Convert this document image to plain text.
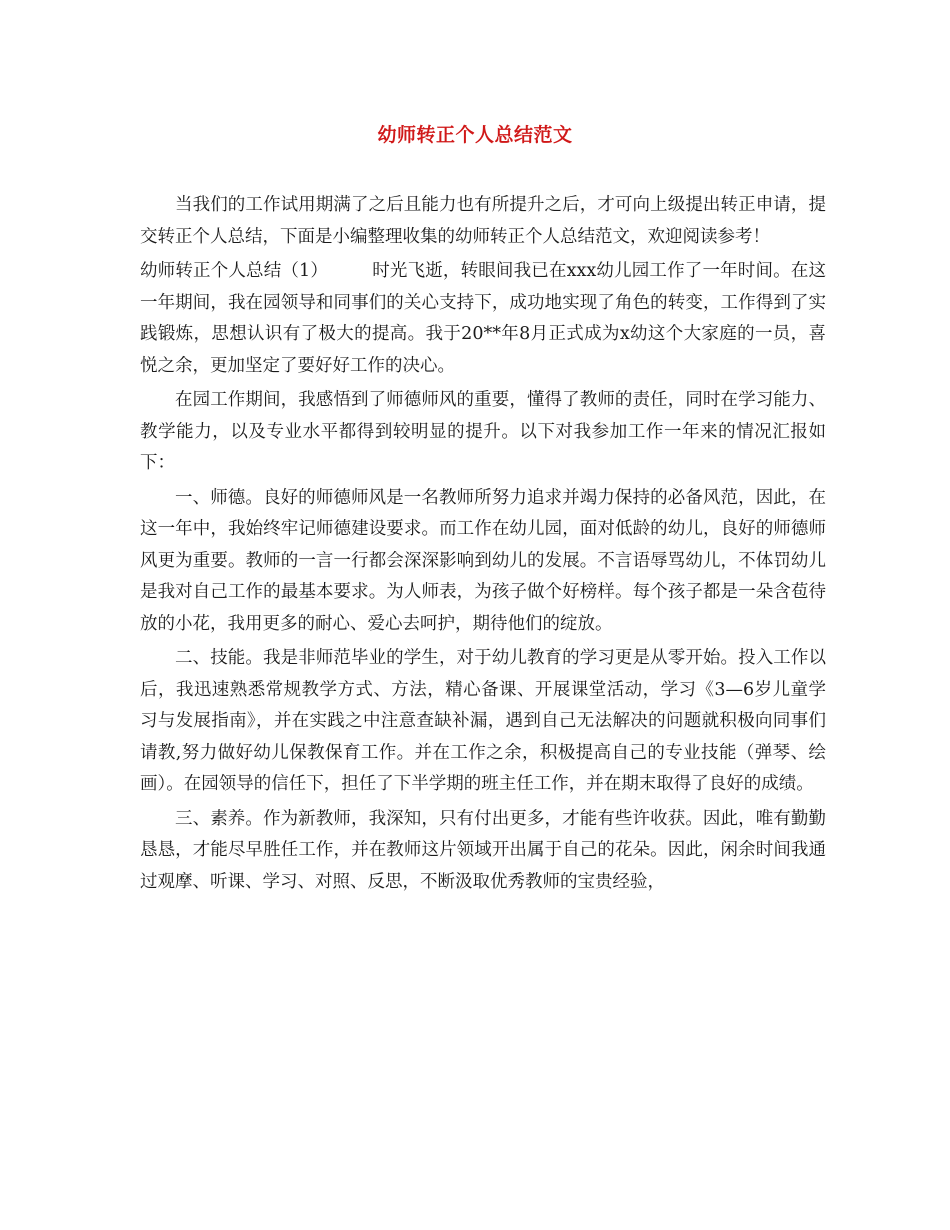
幼师转正个人总结范文

当我们的工作试用期满了之后且能力也有所提升之后，才可向上级提出转正申请，提交转正个人总结，下面是小编整理收集的幼师转正个人总结范文，欢迎阅读参考！

幼师转正个人总结（1）	时光飞逝，转眼间我已在xxx幼儿园工作了一年时间。在这一年期间，我在园领导和同事们的关心支持下，成功地实现了角色的转变，工作得到了实践锻炼，思想认识有了极大的提高。我于20**年8月正式成为x幼这个大家庭的一员，喜悦之余，更加坚定了要好好工作的决心。

在园工作期间，我感悟到了师德师风的重要，懂得了教师的责任，同时在学习能力、教学能力，以及专业水平都得到较明显的提升。以下对我参加工作一年来的情况汇报如下：

一、师德。良好的师德师风是一名教师所努力追求并竭力保持的必备风范，因此，在这一年中，我始终牢记师德建设要求。而工作在幼儿园，面对低龄的幼儿，良好的师德师风更为重要。教师的一言一行都会深深影响到幼儿的发展。不言语辱骂幼儿，不体罚幼儿是我对自己工作的最基本要求。为人师表，为孩子做个好榜样。每个孩子都是一朵含苞待放的小花，我用更多的耐心、爱心去呵护，期待他们的绽放。

二、技能。我是非师范毕业的学生，对于幼儿教育的学习更是从零开始。投入工作以后，我迅速熟悉常规教学方式、方法，精心备课、开展课堂活动，学习《3—6岁儿童学习与发展指南》，并在实践之中注意查缺补漏，遇到自己无法解决的问题就积极向同事们请教,努力做好幼儿保教保育工作。并在工作之余，积极提高自己的专业技能（弹琴、绘画）。在园领导的信任下，担任了下半学期的班主任工作，并在期末取得了良好的成绩。

三、素养。作为新教师，我深知，只有付出更多，才能有些许收获。因此，唯有勤勤恳恳，才能尽早胜任工作，并在教师这片领域开出属于自己的花朵。因此，闲余时间我通过观摩、听课、学习、对照、反思，不断汲取优秀教师的宝贵经验，
